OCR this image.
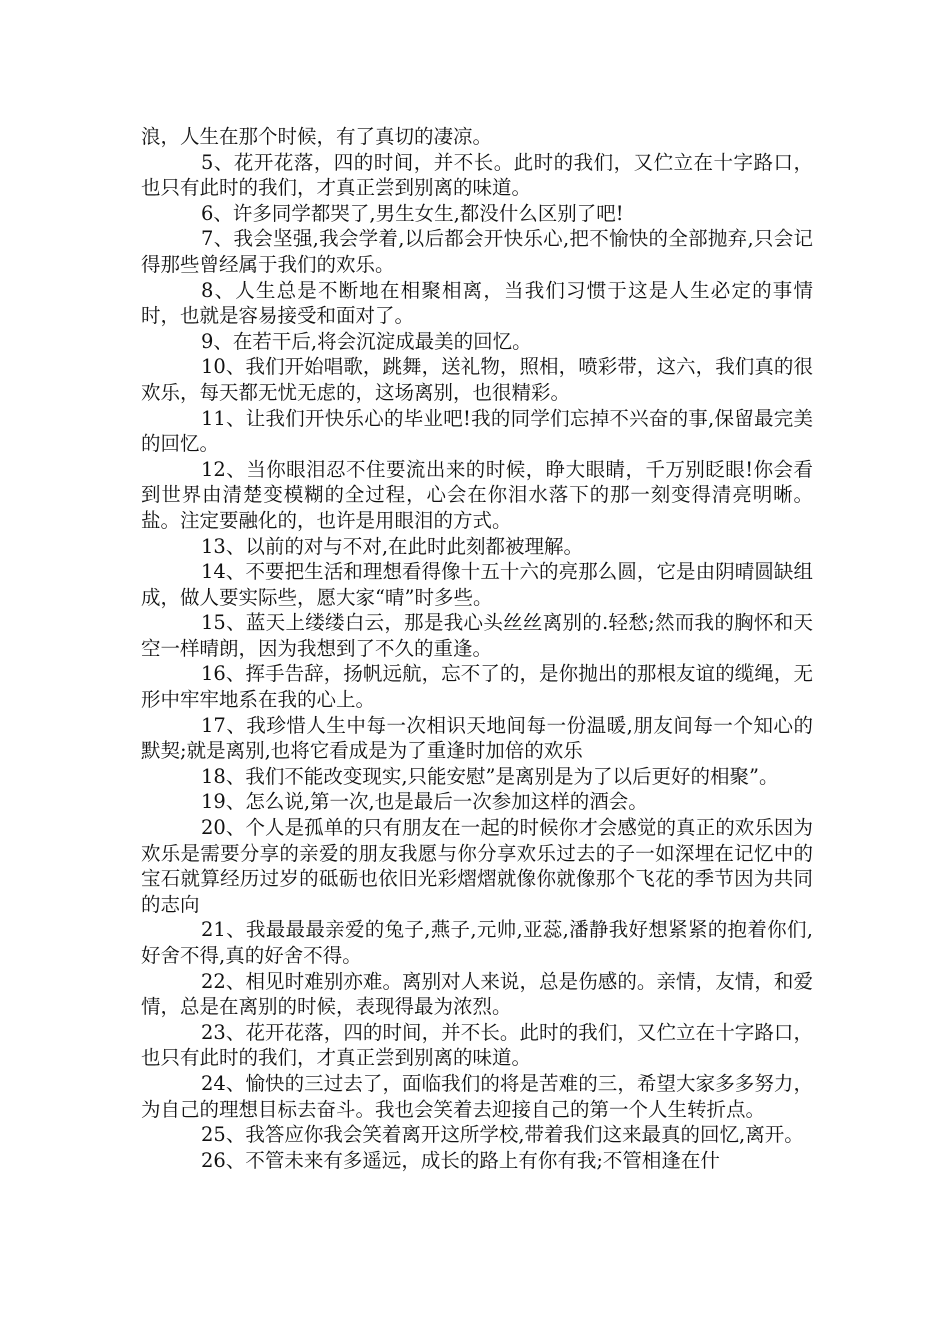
浪，人生在那个时候，有了真切的凄凉。

5、花开花落，四的时间，并不长。此时的我们，又伫立在十字路口，也只有此时的我们，才真正尝到别离的味道。

6、许多同学都哭了,男生女生,都没什么区别了吧!

7、我会坚强,我会学着,以后都会开快乐心,把不愉快的全部抛弃,只会记得那些曾经属于我们的欢乐。

8、人生总是不断地在相聚相离，当我们习惯于这是人生必定的事情时，也就是容易接受和面对了。

9、在若干后,将会沉淀成最美的回忆。

10、我们开始唱歌，跳舞，送礼物，照相，喷彩带，这六，我们真的很欢乐，每天都无忧无虑的，这场离别，也很精彩。

11、让我们开快乐心的毕业吧!我的同学们忘掉不兴奋的事,保留最完美的回忆。

12、当你眼泪忍不住要流出来的时候，睁大眼睛，千万别眨眼!你会看到世界由清楚变模糊的全过程，心会在你泪水落下的那一刻变得清亮明晰。盐。注定要融化的，也许是用眼泪的方式。

13、以前的对与不对,在此时此刻都被理解。

14、不要把生活和理想看得像十五十六的亮那么圆，它是由阴晴圆缺组成，做人要实际些，愿大家“晴”时多些。

15、蓝天上缕缕白云，那是我心头丝丝离别的.轻愁;然而我的胸怀和天空一样晴朗，因为我想到了不久的重逢。

16、挥手告辞，扬帆远航，忘不了的，是你抛出的那根友谊的缆绳，无形中牢牢地系在我的心上。

17、我珍惜人生中每一次相识天地间每一份温暖,朋友间每一个知心的默契;就是离别,也将它看成是为了重逢时加倍的欢乐

18、我们不能改变现实,只能安慰”是离别是为了以后更好的相聚”。

19、怎么说,第一次,也是最后一次参加这样的酒会。

20、个人是孤单的只有朋友在一起的时候你才会感觉的真正的欢乐因为欢乐是需要分享的亲爱的朋友我愿与你分享欢乐过去的子一如深埋在记忆中的宝石就算经历过岁的砥砺也依旧光彩熠熠就像你就像那个飞花的季节因为共同的志向

21、我最最最亲爱的兔子,燕子,元帅,亚蕊,潘静我好想紧紧的抱着你们,好舍不得,真的好舍不得。

22、相见时难别亦难。离别对人来说，总是伤感的。亲情，友情，和爱情，总是在离别的时候，表现得最为浓烈。

23、花开花落，四的时间，并不长。此时的我们，又伫立在十字路口，也只有此时的我们，才真正尝到别离的味道。

24、愉快的三过去了，面临我们的将是苦难的三，希望大家多多努力，为自己的理想目标去奋斗。我也会笑着去迎接自己的第一个人生转折点。

25、我答应你我会笑着离开这所学校,带着我们这来最真的回忆,离开。

26、不管未来有多遥远，成长的路上有你有我;不管相逢在什
